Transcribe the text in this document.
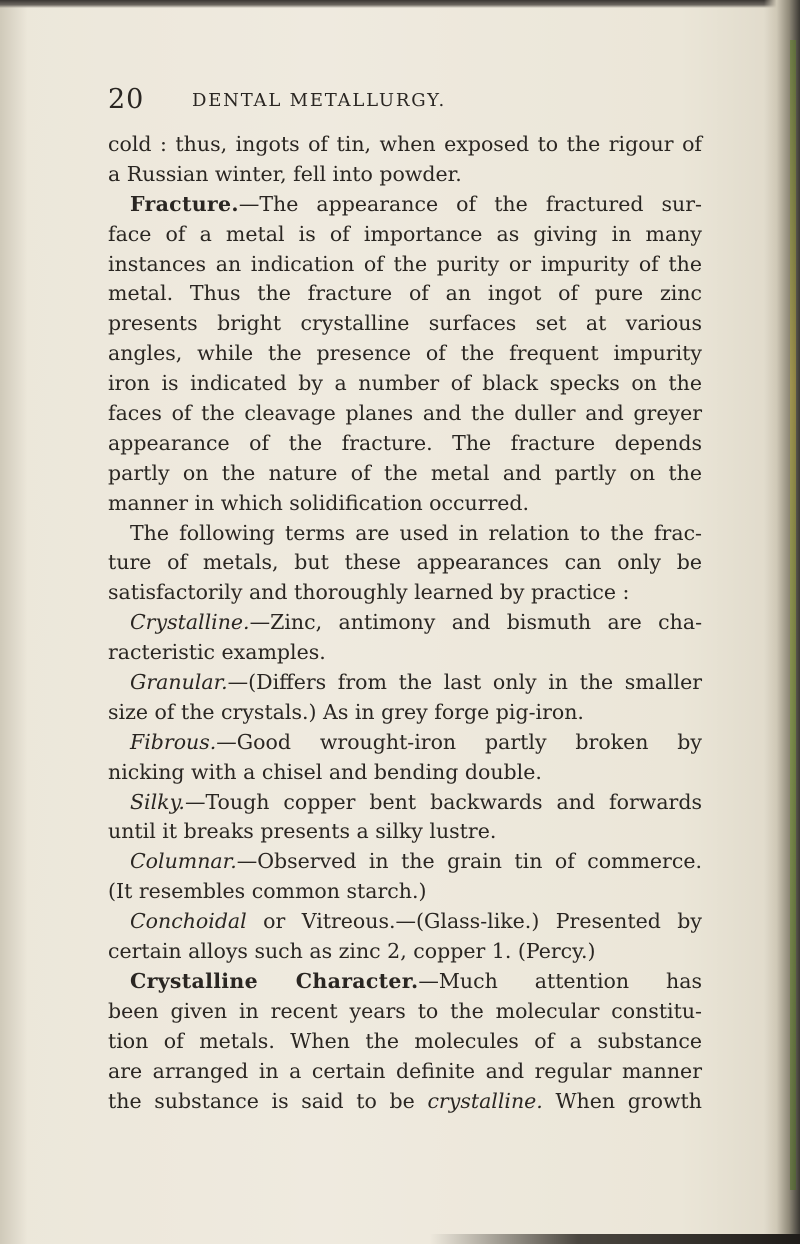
20	DENTAL METALLURGY.
cold : thus, ingots of tin, when exposed to the rigour of
a Russian winter, fell into powder.
Fracture.—The appearance of the fractured sur-
face of a metal is of importance as giving in many
instances an indication of the purity or impurity of the
metal. Thus the fracture of an ingot of pure zinc
presents bright crystalline surfaces set at various
angles, while the presence of the frequent impurity
iron is indicated by a number of black specks on the
faces of the cleavage planes and the duller and greyer
appearance of the fracture. The fracture depends
partly on the nature of the metal and partly on the
manner in which solidification occurred.
The following terms are used in relation to the frac-
ture of metals, but these appearances can only be
satisfactorily and thoroughly learned by practice :
Crystalline.—Zinc, antimony and bismuth are cha-
racteristic examples.
Granular.—(Differs from the last only in the smaller
size of the crystals.) As in grey forge pig-iron.
Fibrous.—Good wrought-iron partly broken by
nicking with a chisel and bending double.
Silky.—Tough copper bent backwards and forwards
until it breaks presents a silky lustre.
Columnar.—Observed in the grain tin of commerce.
(It resembles common starch.)
Conchoidal or Vitreous.—(Glass-like.) Presented by
certain alloys such as zinc 2, copper 1. (Percy.)
Crystalline Character.—Much attention has
been given in recent years to the molecular constitu-
tion of metals. When the molecules of a substance
are arranged in a certain definite and regular manner
the substance is said to be crystalline. When growth
